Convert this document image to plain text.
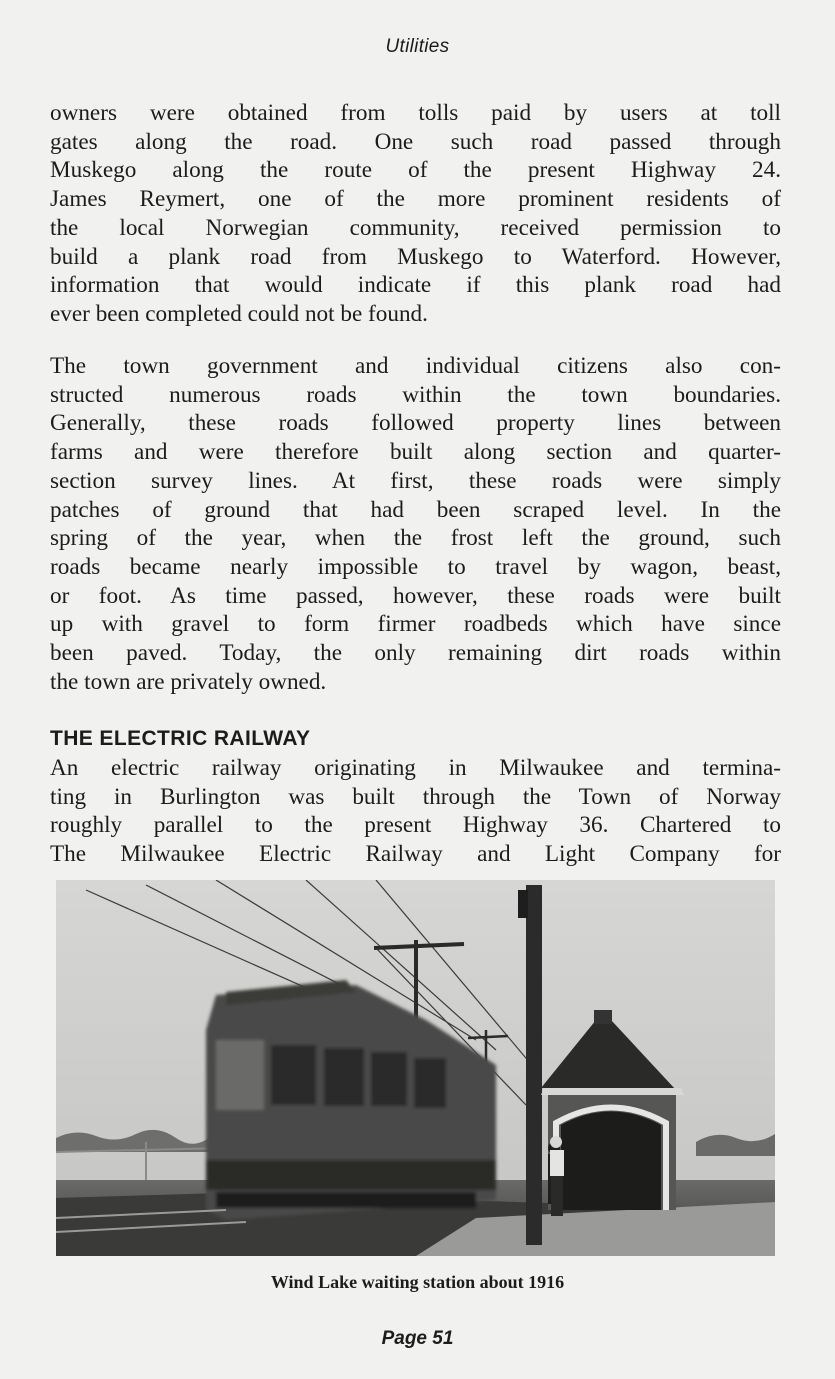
Utilities

owners were obtained from tolls paid by users at toll
gates along the road. One such road passed through
Muskego along the route of the present Highway 24.
James Reymert, one of the more prominent residents of
the local Norwegian community, received permission to
build a plank road from Muskego to Waterford. However,
information that would indicate if this plank road had
ever been completed could not be found.

The town government and individual citizens also con-
structed numerous roads within the town boundaries.
Generally, these roads followed property lines between
farms and were therefore built along section and quarter-
section survey lines. At first, these roads were simply
patches of ground that had been scraped level. In the
spring of the year, when the frost left the ground, such
roads became nearly impossible to travel by wagon, beast,
or foot. As time passed, however, these roads were built
up with gravel to form firmer roadbeds which have since
been paved. Today, the only remaining dirt roads within
the town are privately owned.

THE ELECTRIC RAILWAY

An electric railway originating in Milwaukee and termina-
ting in Burlington was built through the Town of Norway
roughly parallel to the present Highway 36. Chartered to
The Milwaukee Electric Railway and Light Company for

Wind Lake waiting station about 1916
Page 51
